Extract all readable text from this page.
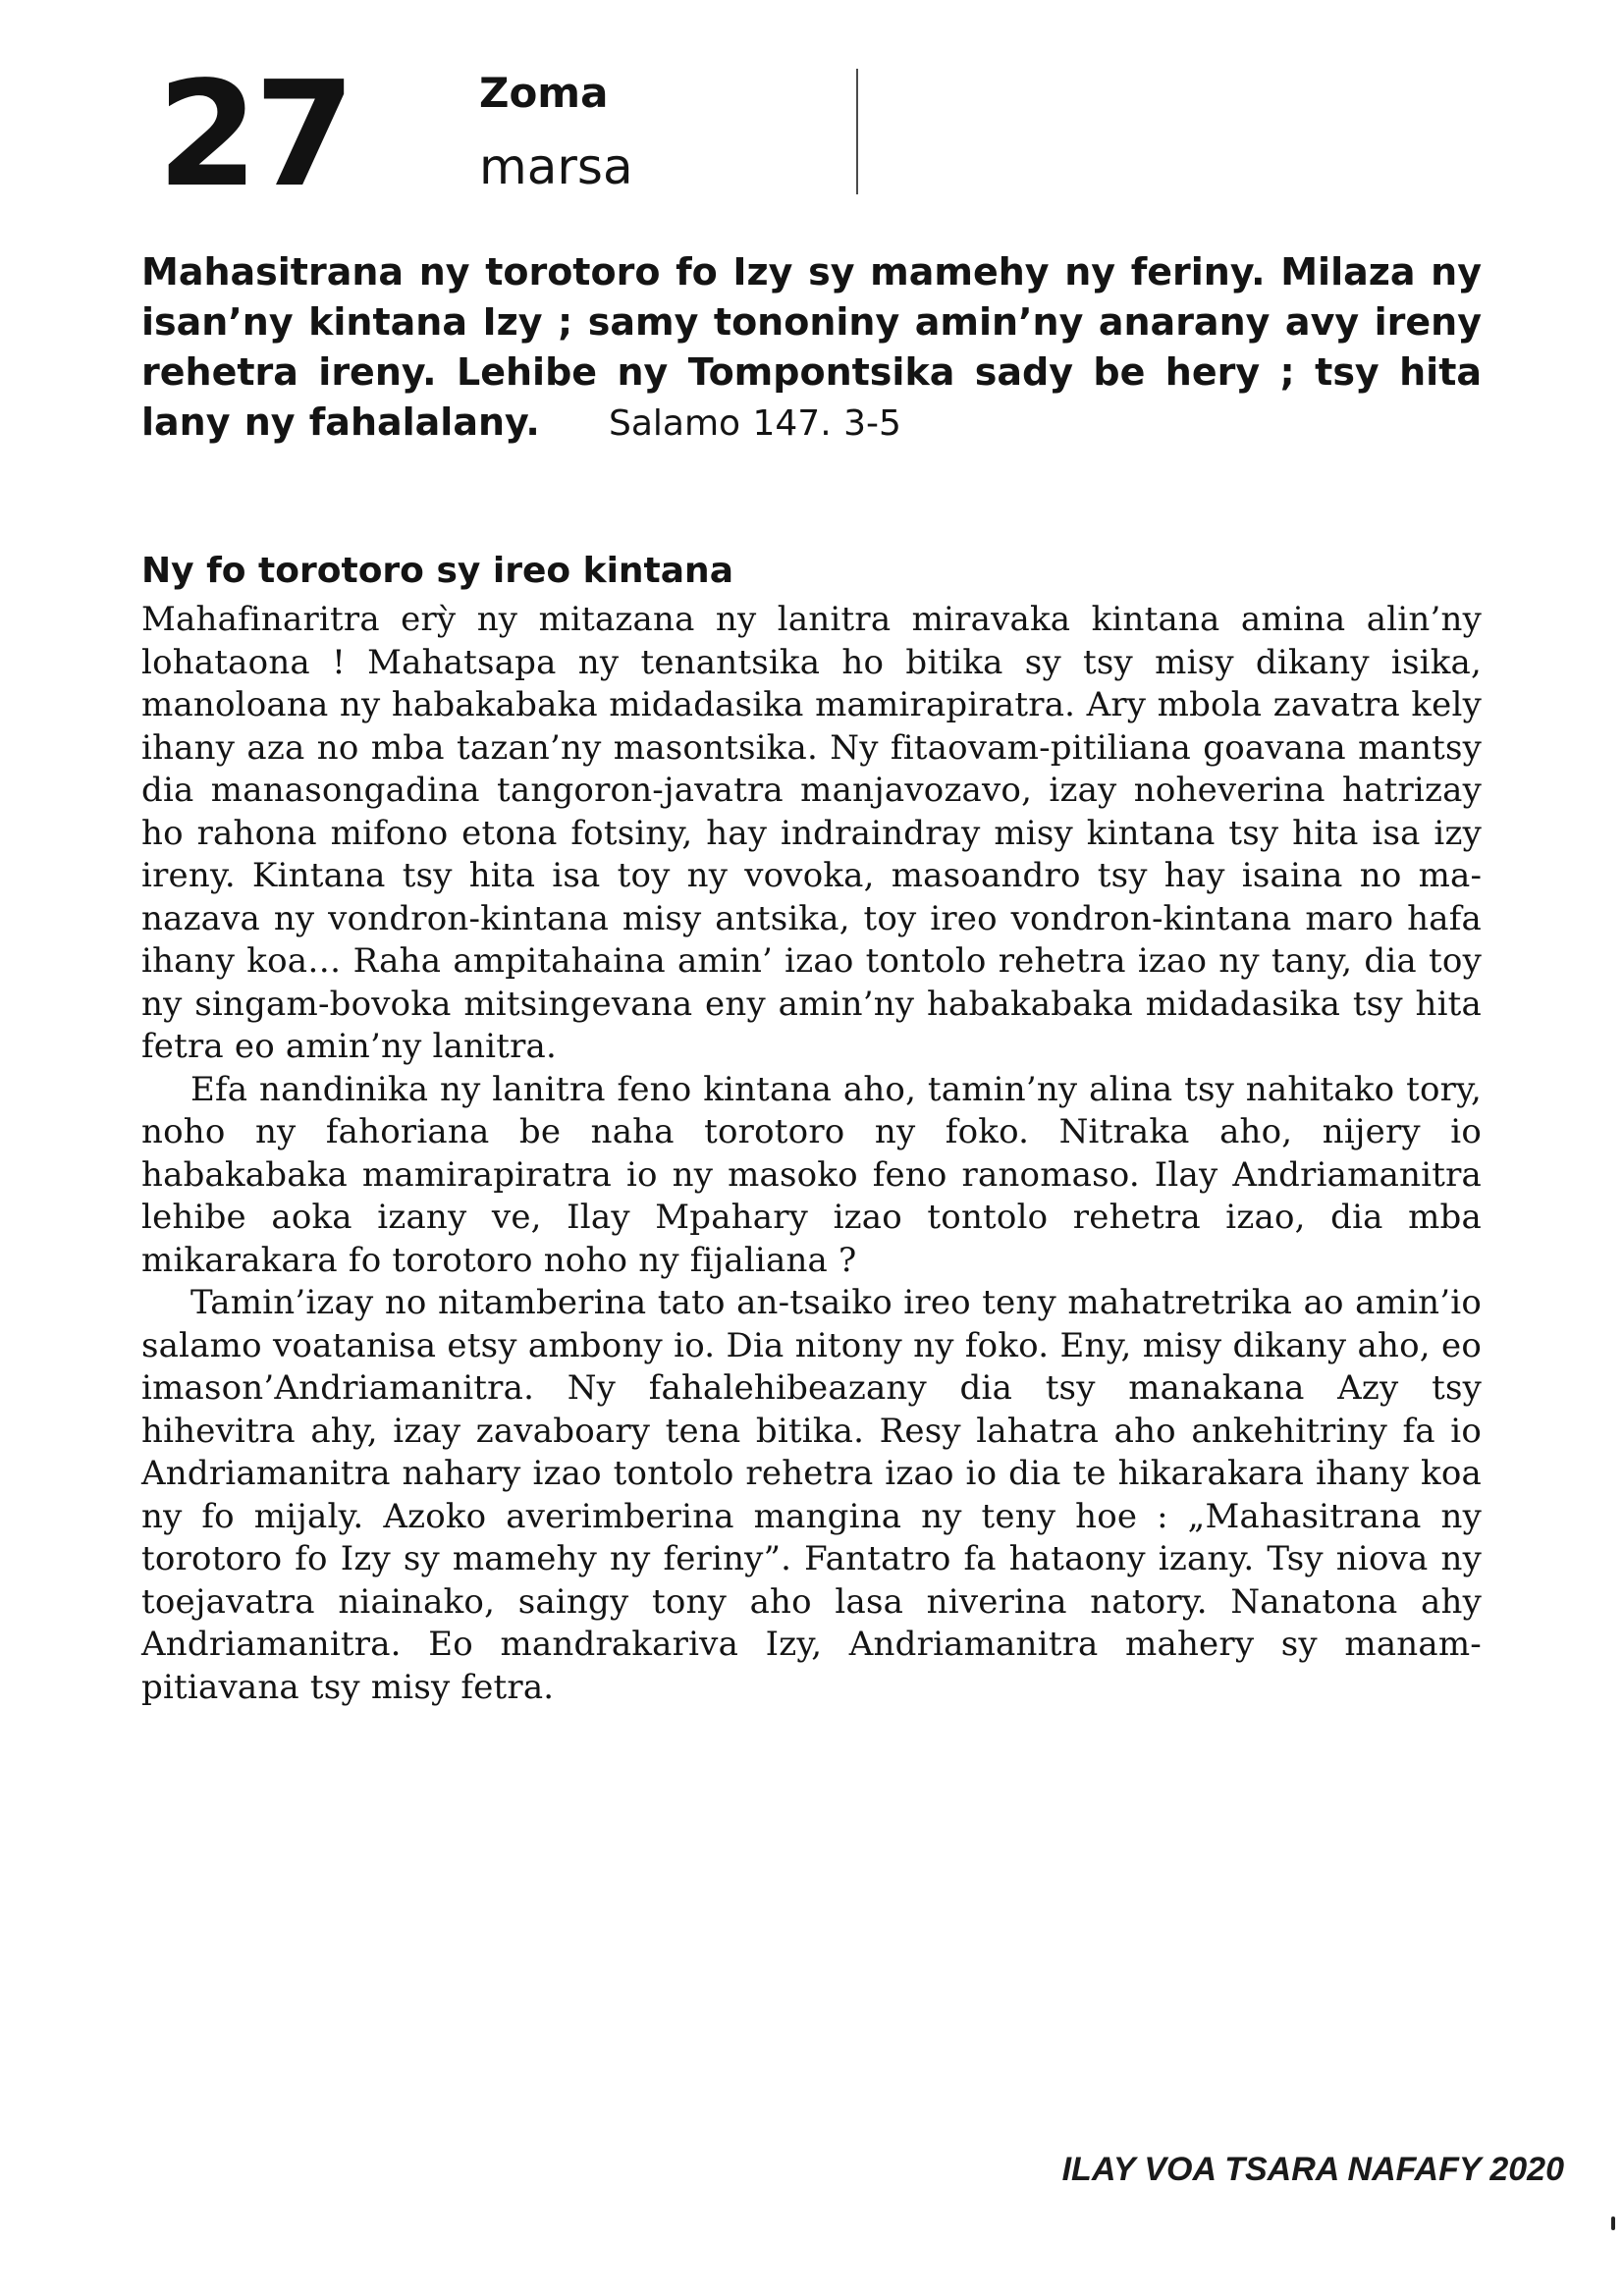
27	Zoma
marsa
Mahasitrana ny torotoro fo Izy sy mamehy ny feriny. Milaza ny isan’ny kintana Izy ; samy tononiny amin’ny anarany avy ireny rehetra ireny. Lehibe ny Tompontsika sady be hery ; tsy hita lany ny fahalalany. Salamo 147. 3-5
Ny fo torotoro sy ireo kintana

Mahafinaritra erỳ ny mitazana ny lanitra miravaka kintana amina alin’ny lohataona ! Mahatsapa ny tenantsika ho bitika sy tsy misy dikany isika, manoloana ny habakabaka midadasika mamirapiratra. Ary mbola zavatra kely ihany aza no mba tazan’ny masontsika. Ny fitaovam-pitiliana goavana mantsy dia manasongadina tangoron-javatra manjavozavo, izay noheverina hatrizay ho rahona mifono etona fotsiny, hay indraindray misy kintana tsy hita isa izy ireny. Kintana tsy hita isa toy ny vovoka, masoandro tsy hay isaina no manazava ny vondron-kintana misy antsika, toy ireo vondron-kintana maro hafa ihany koa… Raha ampitahaina amin’ izao tontolo rehetra izao ny tany, dia toy ny singam-bovoka mitsingevana eny amin’ny habakabaka midadasika tsy hita fetra eo amin’ny lanitra.

Efa nandinika ny lanitra feno kintana aho, tamin’ny alina tsy nahitako tory, noho ny fahoriana be naha torotoro ny foko. Nitraka aho, nijery io habakabaka mamirapiratra io ny masoko feno ranomaso. Ilay Andriamanitra lehibe aoka izany ve, Ilay Mpahary izao tontolo rehetra izao, dia mba mikarakara fo torotoro noho ny fijaliana ?

Tamin’izay no nitamberina tato an-tsaiko ireo teny mahatretrika ao amin’io salamo voatanisa etsy ambony io. Dia nitony ny foko. Eny, misy dikany aho, eo imason’Andriamanitra. Ny fahalehibeazany dia tsy manakana Azy tsy hihevitra ahy, izay zavaboary tena bitika. Resy lahatra aho ankehitriny fa io Andriamanitra nahary izao tontolo rehetra izao io dia te hikarakara ihany koa ny fo mijaly. Azoko averimberina mangina ny teny hoe : „Mahasitrana ny torotoro fo Izy sy mamehy ny feriny”. Fantatro fa hataony izany. Tsy niova ny toejavatra niainako, saingy tony aho lasa niverina natory. Nanatona ahy Andriamanitra. Eo mandrakariva Izy, Andriamanitra mahery sy manam-pitiavana tsy misy fetra.

ILAY VOA TSARA NAFAFY 2020
